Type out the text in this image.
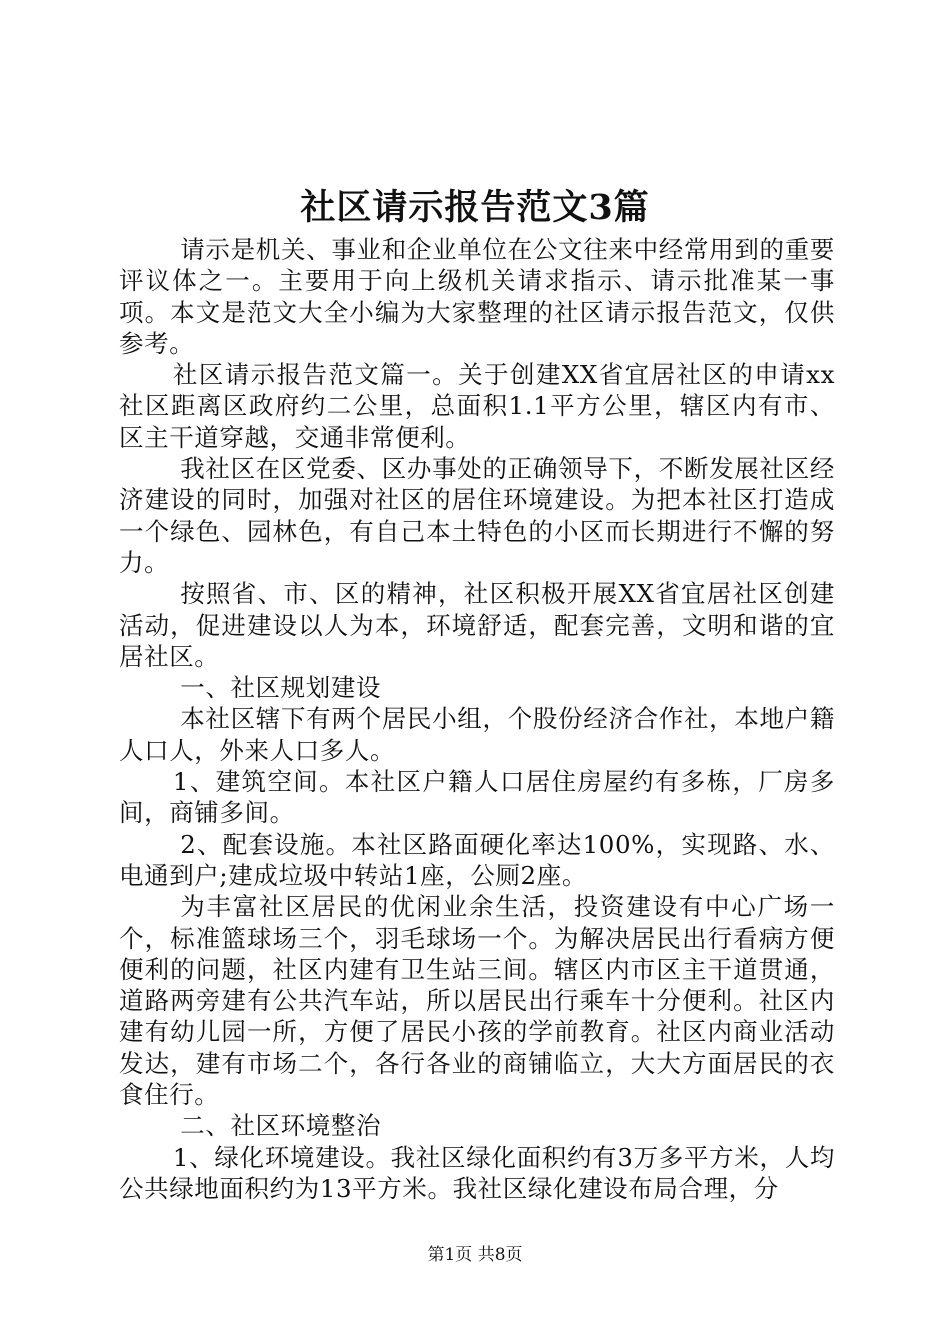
社区请示报告范文3篇

请示是机关、事业和企业单位在公文往来中经常用到的重要评议体之一。主要用于向上级机关请求指示、请示批准某一事项。本文是范文大全小编为大家整理的社区请示报告范文，仅供参考。

社区请示报告范文篇一。关于创建XX省宜居社区的申请xx社区距离区政府约二公里，总面积1.1平方公里，辖区内有市、区主干道穿越，交通非常便利。

我社区在区党委、区办事处的正确领导下，不断发展社区经济建设的同时，加强对社区的居住环境建设。为把本社区打造成一个绿色、园林色，有自己本土特色的小区而长期进行不懈的努力。

按照省、市、区的精神，社区积极开展XX省宜居社区创建活动，促进建设以人为本，环境舒适，配套完善，文明和谐的宜居社区。

一、社区规划建设

本社区辖下有两个居民小组，个股份经济合作社，本地户籍人口人，外来人口多人。

1、建筑空间。本社区户籍人口居住房屋约有多栋，厂房多间，商铺多间。

2、配套设施。本社区路面硬化率达100%，实现路、水、电通到户;建成垃圾中转站1座，公厕2座。

为丰富社区居民的优闲业余生活，投资建设有中心广场一个，标准篮球场三个，羽毛球场一个。为解决居民出行看病方便便利的问题，社区内建有卫生站三间。辖区内市区主干道贯通，道路两旁建有公共汽车站，所以居民出行乘车十分便利。社区内建有幼儿园一所，方便了居民小孩的学前教育。社区内商业活动发达，建有市场二个，各行各业的商铺临立，大大方面居民的衣食住行。

二、社区环境整治

1、绿化环境建设。我社区绿化面积约有3万多平方米，人均公共绿地面积约为13平方米。我社区绿化建设布局合理，分

第1页 共8页
